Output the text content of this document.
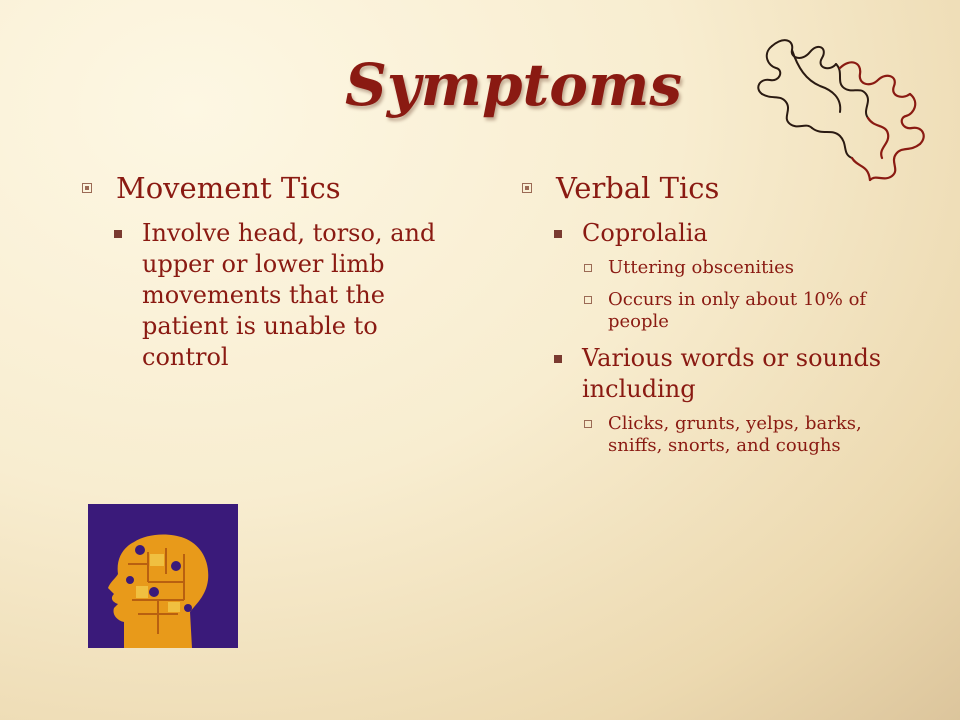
Symptoms
Movement Tics
Involve head, torso, and upper or lower limb movements that the patient is unable to control
Verbal Tics
Coprolalia
Uttering obscenities
Occurs in only about 10% of people
Various words or sounds including
Clicks, grunts, yelps, barks, sniffs, snorts, and coughs
